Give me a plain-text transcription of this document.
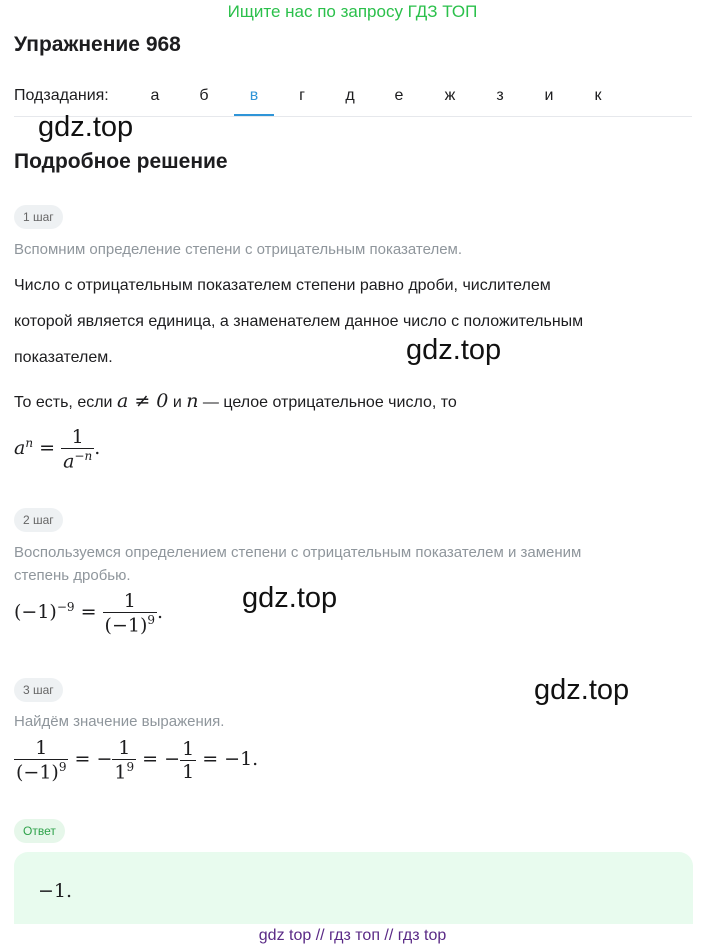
Ищите нас по запросу ГДЗ ТОП
Упражнение 968
Подзадания:	а	б	в	г	д	е	ж	з	и	к
gdz.top
Подробное решение
1 шаг
Вспомним определение степени с отрицательным показателем.
Число с отрицательным показателем степени равно дроби, числителем
которой является единица, а знаменателем данное число с положительным
показателем.	gdz.top
То есть, если a ≠ 0 и n — целое отрицательное число, то
$a^n = \frac{1}{a^{-n}}$ .
2 шаг
Воспользуемся определением степени с отрицательным показателем и заменим
степень дробью.
$(-1)^{-9} = \frac{1}{(-1)^9}$ .	gdz.top
gdz.top
3 шаг
Найдём значение выражения.
$\frac{1}{(-1)^9}$ = − $\frac{1}{1^9}$ = − $\frac{1}{1} = -1$.
Ответ
−1.
gdz top // гдз топ // гдз top
